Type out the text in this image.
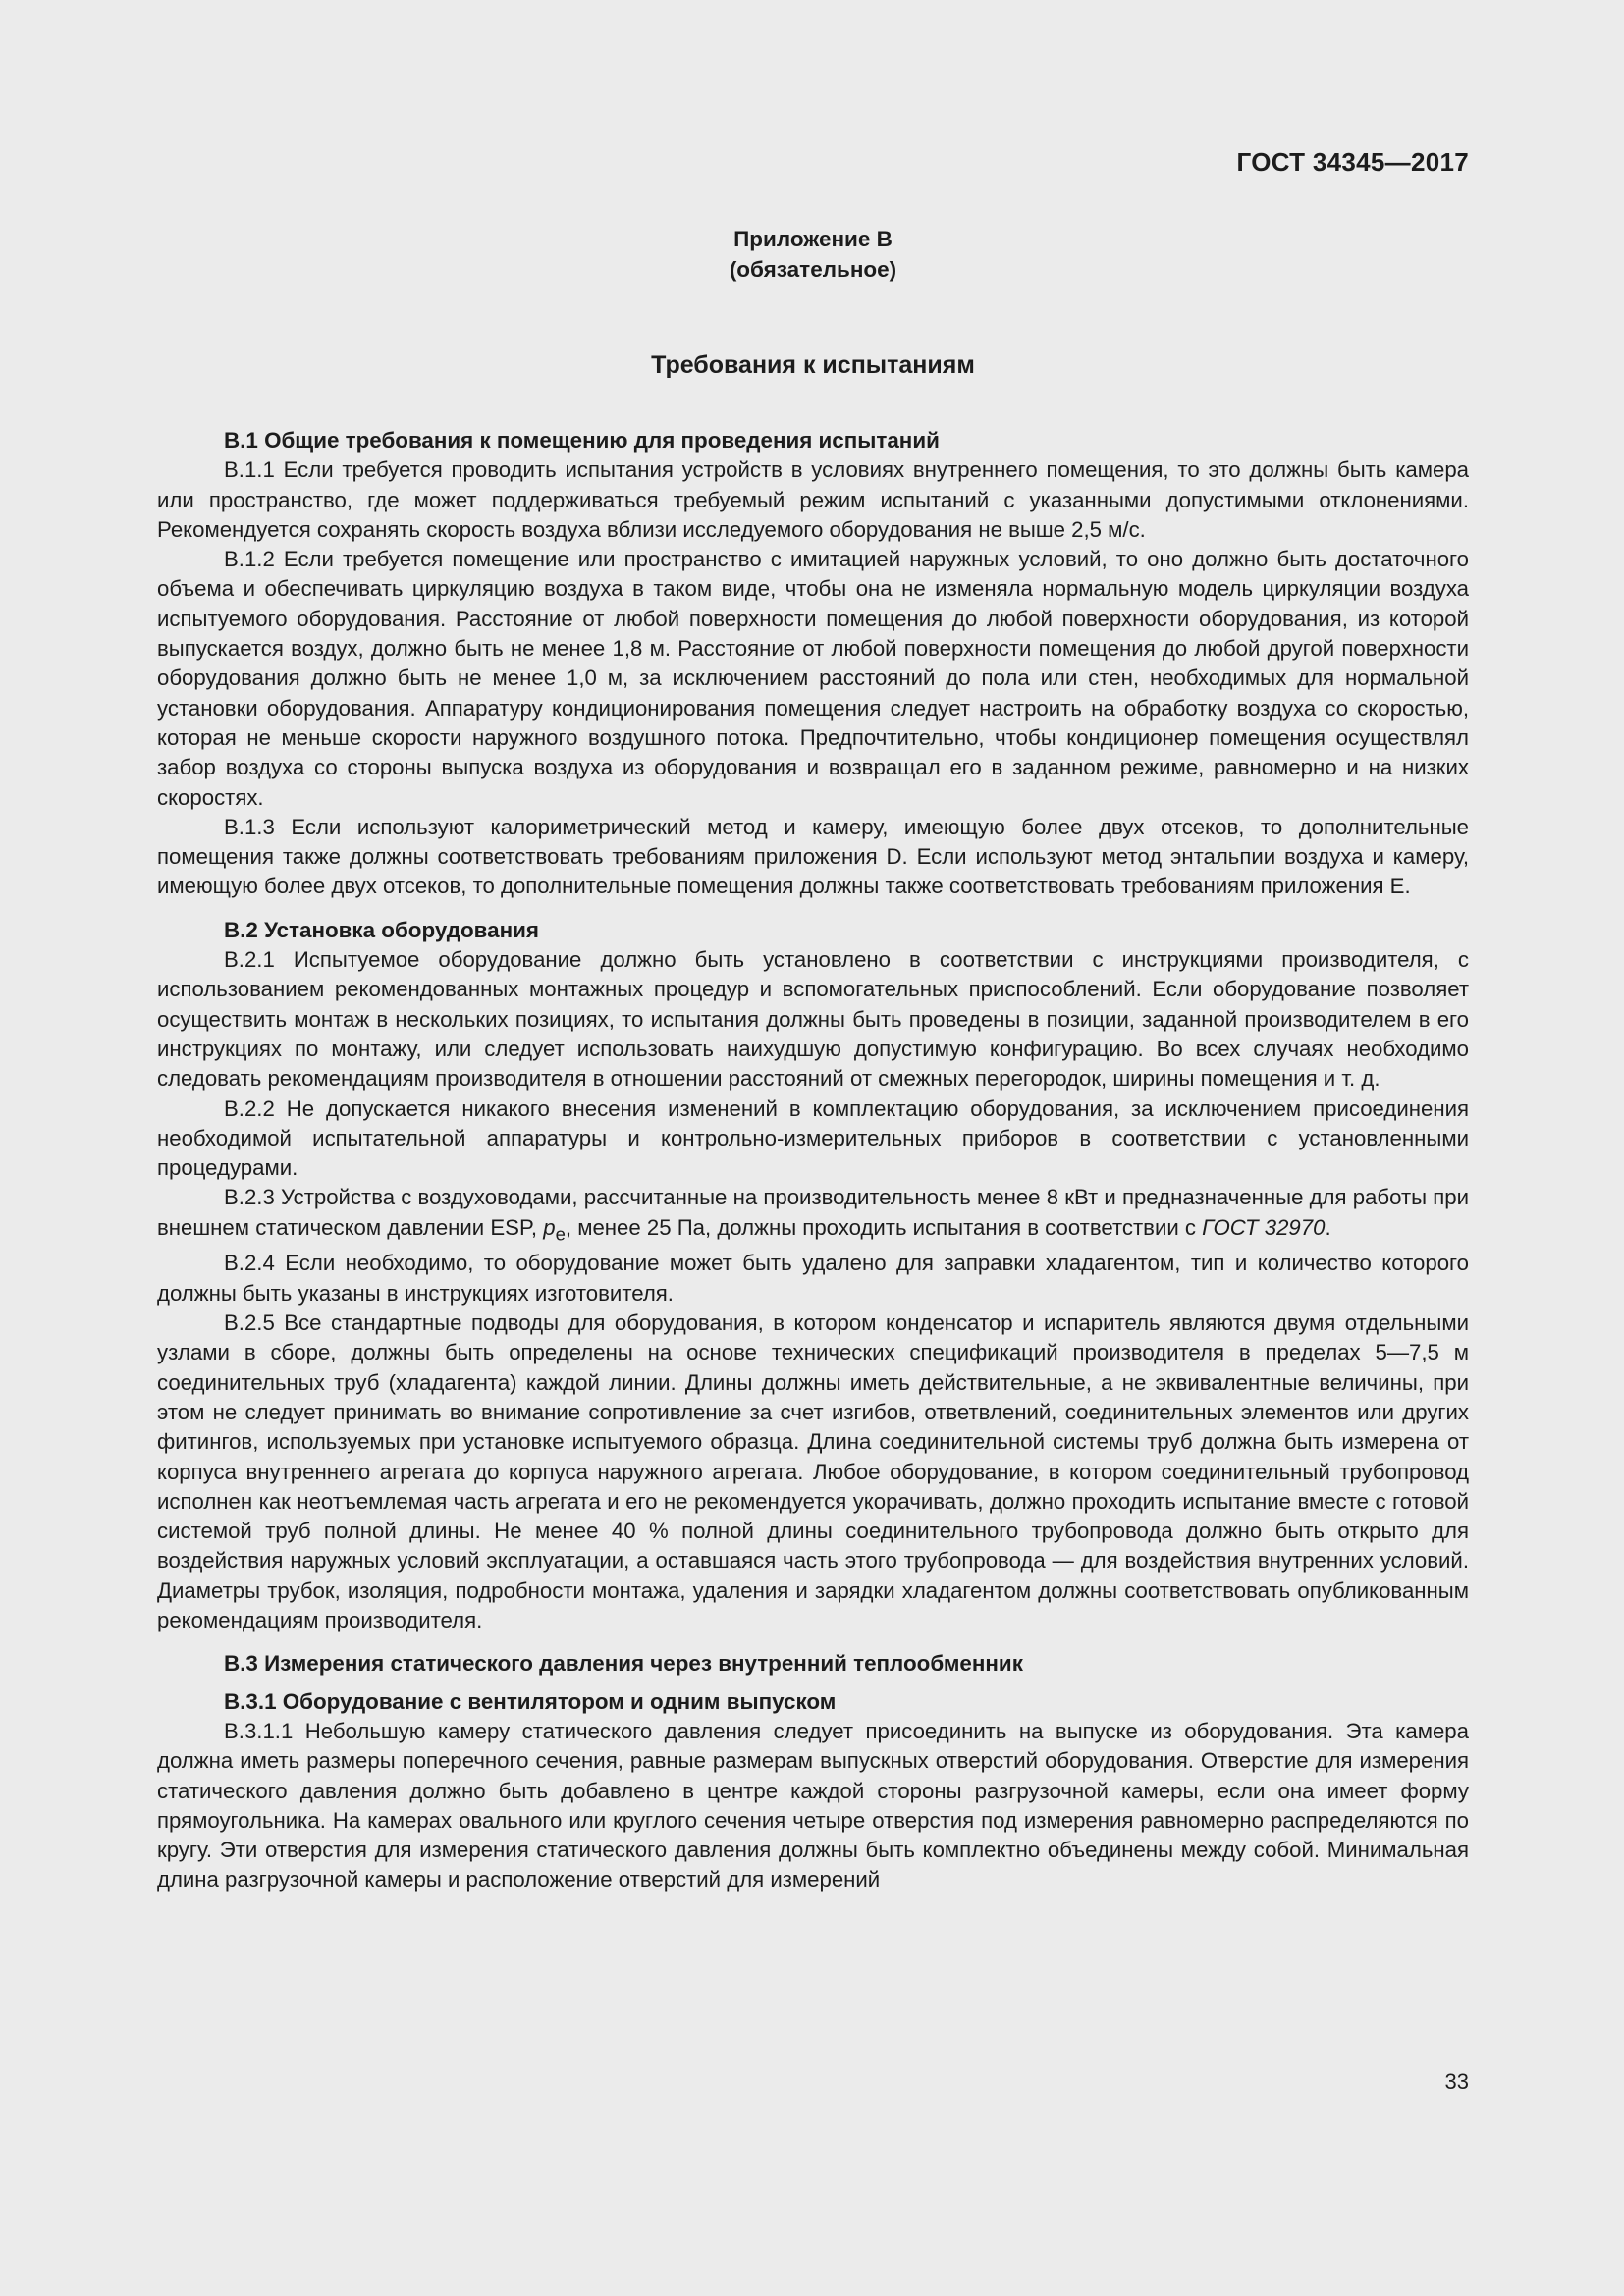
ГОСТ 34345—2017
Приложение В
(обязательное)
Требования к испытаниям
В.1 Общие требования к помещению для проведения испытаний

В.1.1 Если требуется проводить испытания устройств в условиях внутреннего помещения, то это должны быть камера или пространство, где может поддерживаться требуемый режим испытаний с указанными допустимыми отклонениями. Рекомендуется сохранять скорость воздуха вблизи исследуемого оборудования не выше 2,5 м/с.

В.1.2 Если требуется помещение или пространство с имитацией наружных условий, то оно должно быть достаточного объема и обеспечивать циркуляцию воздуха в таком виде, чтобы она не изменяла нормальную модель циркуляции воздуха испытуемого оборудования. Расстояние от любой поверхности помещения до любой поверхности оборудования, из которой выпускается воздух, должно быть не менее 1,8 м. Расстояние от любой поверхности помещения до любой другой поверхности оборудования должно быть не менее 1,0 м, за исключением расстояний до пола или стен, необходимых для нормальной установки оборудования. Аппаратуру кондиционирования помещения следует настроить на обработку воздуха со скоростью, которая не меньше скорости наружного воздушного потока. Предпочтительно, чтобы кондиционер помещения осуществлял забор воздуха со стороны выпуска воздуха из оборудования и возвращал его в заданном режиме, равномерно и на низких скоростях.

В.1.3 Если используют калориметрический метод и камеру, имеющую более двух отсеков, то дополнительные помещения также должны соответствовать требованиям приложения D. Если используют метод энтальпии воздуха и камеру, имеющую более двух отсеков, то дополнительные помещения должны также соответствовать требованиям приложения Е.

В.2 Установка оборудования

В.2.1 Испытуемое оборудование должно быть установлено в соответствии с инструкциями производителя, с использованием рекомендованных монтажных процедур и вспомогательных приспособлений. Если оборудование позволяет осуществить монтаж в нескольких позициях, то испытания должны быть проведены в позиции, заданной производителем в его инструкциях по монтажу, или следует использовать наихудшую допустимую конфигурацию. Во всех случаях необходимо следовать рекомендациям производителя в отношении расстояний от смежных перегородок, ширины помещения и т. д.

В.2.2 Не допускается никакого внесения изменений в комплектацию оборудования, за исключением присоединения необходимой испытательной аппаратуры и контрольно-измерительных приборов в соответствии с установленными процедурами.

В.2.3 Устройства с воздуховодами, рассчитанные на производительность менее 8 кВт и предназначенные для работы при внешнем статическом давлении ESP, $p_e$, менее 25 Па, должны проходить испытания в соответствии с ГОСТ 32970.

В.2.4 Если необходимо, то оборудование может быть удалено для заправки хладагентом, тип и количество которого должны быть указаны в инструкциях изготовителя.

В.2.5 Все стандартные подводы для оборудования, в котором конденсатор и испаритель являются двумя отдельными узлами в сборе, должны быть определены на основе технических спецификаций производителя в пределах 5—7,5 м соединительных труб (хладагента) каждой линии. Длины должны иметь действительные, а не эквивалентные величины, при этом не следует принимать во внимание сопротивление за счет изгибов, ответвлений, соединительных элементов или других фитингов, используемых при установке испытуемого образца. Длина соединительной системы труб должна быть измерена от корпуса внутреннего агрегата до корпуса наружного агрегата. Любое оборудование, в котором соединительный трубопровод исполнен как неотъемлемая часть агрегата и его не рекомендуется укорачивать, должно проходить испытание вместе с готовой системой труб полной длины. Не менее 40 % полной длины соединительного трубопровода должно быть открыто для воздействия наружных условий эксплуатации, а оставшаяся часть этого трубопровода — для воздействия внутренних условий. Диаметры трубок, изоляция, подробности монтажа, удаления и зарядки хладагентом должны соответствовать опубликованным рекомендациям производителя.

В.3 Измерения статического давления через внутренний теплообменник
В.3.1 Оборудование с вентилятором и одним выпуском

В.3.1.1 Небольшую камеру статического давления следует присоединить на выпуске из оборудования. Эта камера должна иметь размеры поперечного сечения, равные размерам выпускных отверстий оборудования. Отверстие для измерения статического давления должно быть добавлено в центре каждой стороны разгрузочной камеры, если она имеет форму прямоугольника. На камерах овального или круглого сечения четыре отверстия под измерения равномерно распределяются по кругу. Эти отверстия для измерения статического давления должны быть комплектно объединены между собой. Минимальная длина разгрузочной камеры и расположение отверстий для измерений

33
